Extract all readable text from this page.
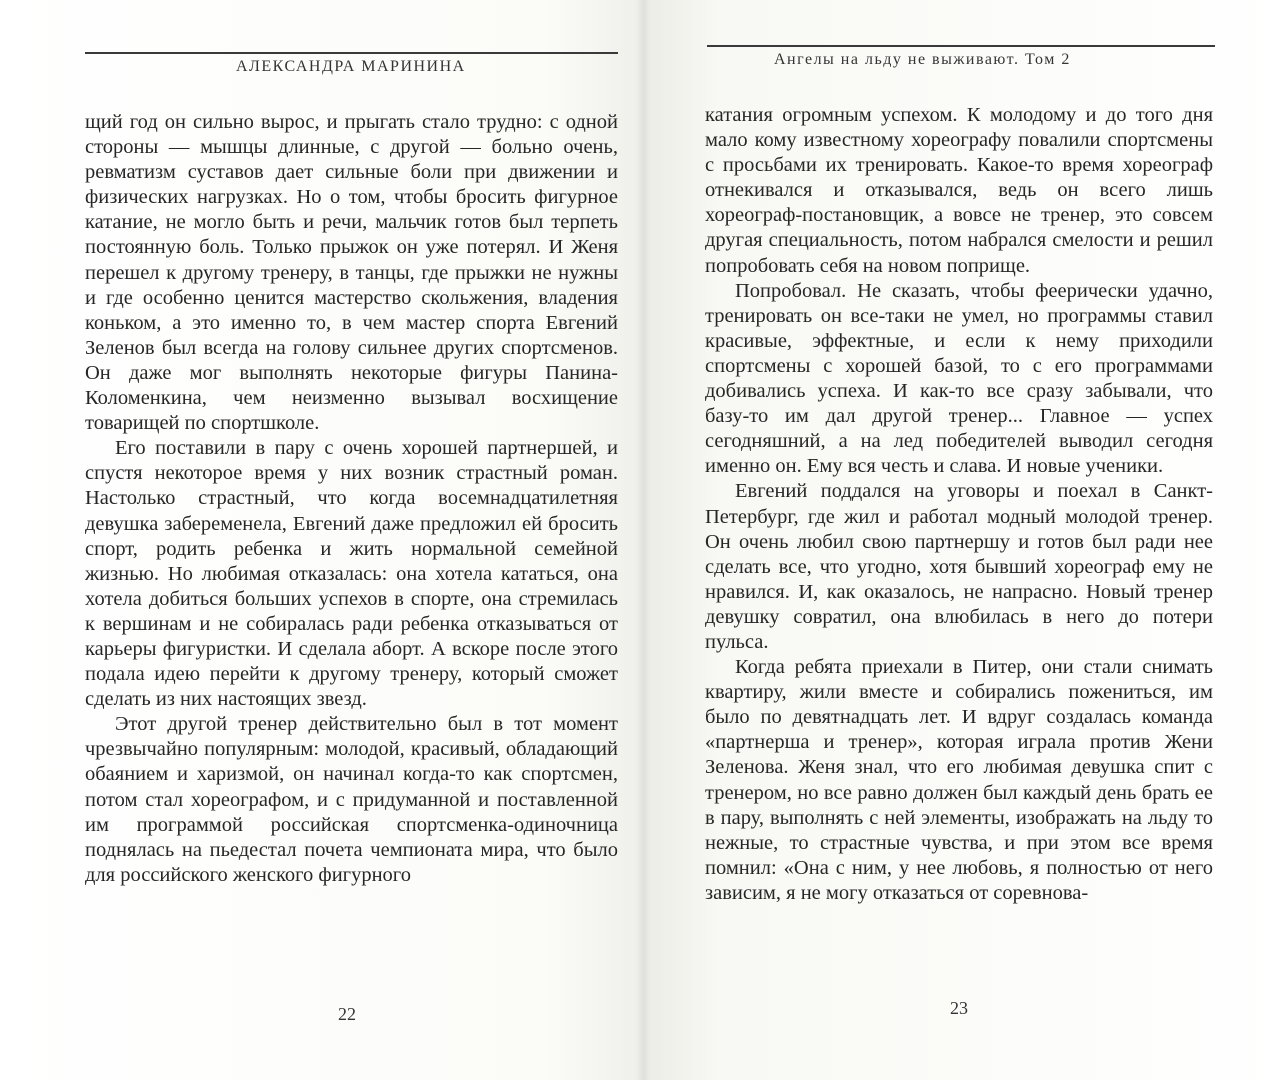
АЛЕКСАНДРА МАРИНИНА

щий год он сильно вырос, и прыгать стало трудно: с одной стороны — мышцы длинные, с другой — больно очень, ревматизм суставов дает сильные боли при движении и физических нагрузках. Но о том, чтобы бросить фигурное катание, не могло быть и речи, мальчик готов был терпеть постоянную боль. Только прыжок он уже потерял. И Женя перешел к другому тренеру, в танцы, где прыжки не нужны и где особенно ценится мастерство скольжения, владения коньком, а это именно то, в чем мастер спорта Евгений Зеленов был всегда на голову сильнее других спортсменов. Он даже мог выполнять некоторые фигуры Панина-Коломенкина, чем неизменно вызывал восхищение товарищей по спортшколе.

Его поставили в пару с очень хорошей партнершей, и спустя некоторое время у них возник страстный роман. Настолько страстный, что когда восемнадцатилетняя девушка забеременела, Евгений даже предложил ей бросить спорт, родить ребенка и жить нормальной семейной жизнью. Но любимая отказалась: она хотела кататься, она хотела добиться больших успехов в спорте, она стремилась к вершинам и не собиралась ради ребенка отказываться от карьеры фигуристки. И сделала аборт. А вскоре после этого подала идею перейти к другому тренеру, который сможет сделать из них настоящих звезд.

Этот другой тренер действительно был в тот момент чрезвычайно популярным: молодой, красивый, обладающий обаянием и харизмой, он начинал когда-то как спортсмен, потом стал хореографом, и с придуманной и поставленной им программой российская спортсменка-одиночница поднялась на пьедестал почета чемпионата мира, что было для российского женского фигурного

22
Ангелы на льду не выживают. Том 2

катания огромным успехом. К молодому и до того дня мало кому известному хореографу повалили спортсмены с просьбами их тренировать. Какое-то время хореограф отнекивался и отказывался, ведь он всего лишь хореограф-постановщик, а вовсе не тренер, это совсем другая специальность, потом набрался смелости и решил попробовать себя на новом поприще.

Попробовал. Не сказать, чтобы феерически удачно, тренировать он все-таки не умел, но программы ставил красивые, эффектные, и если к нему приходили спортсмены с хорошей базой, то с его программами добивались успеха. И как-то все сразу забывали, что базу-то им дал другой тренер... Главное — успех сегодняшний, а на лед победителей выводил сегодня именно он. Ему вся честь и слава. И новые ученики.

Евгений поддался на уговоры и поехал в Санкт-Петербург, где жил и работал модный молодой тренер. Он очень любил свою партнершу и готов был ради нее сделать все, что угодно, хотя бывший хореограф ему не нравился. И, как оказалось, не напрасно. Новый тренер девушку совратил, она влюбилась в него до потери пульса.

Когда ребята приехали в Питер, они стали снимать квартиру, жили вместе и собирались пожениться, им было по девятнадцать лет. И вдруг создалась команда «партнерша и тренер», которая играла против Жени Зеленова. Женя знал, что его любимая девушка спит с тренером, но все равно должен был каждый день брать ее в пару, выполнять с ней элементы, изображать на льду то нежные, то страстные чувства, и при этом все время помнил: «Она с ним, у нее любовь, я полностью от него зависим, я не могу отказаться от соревнова-

23
